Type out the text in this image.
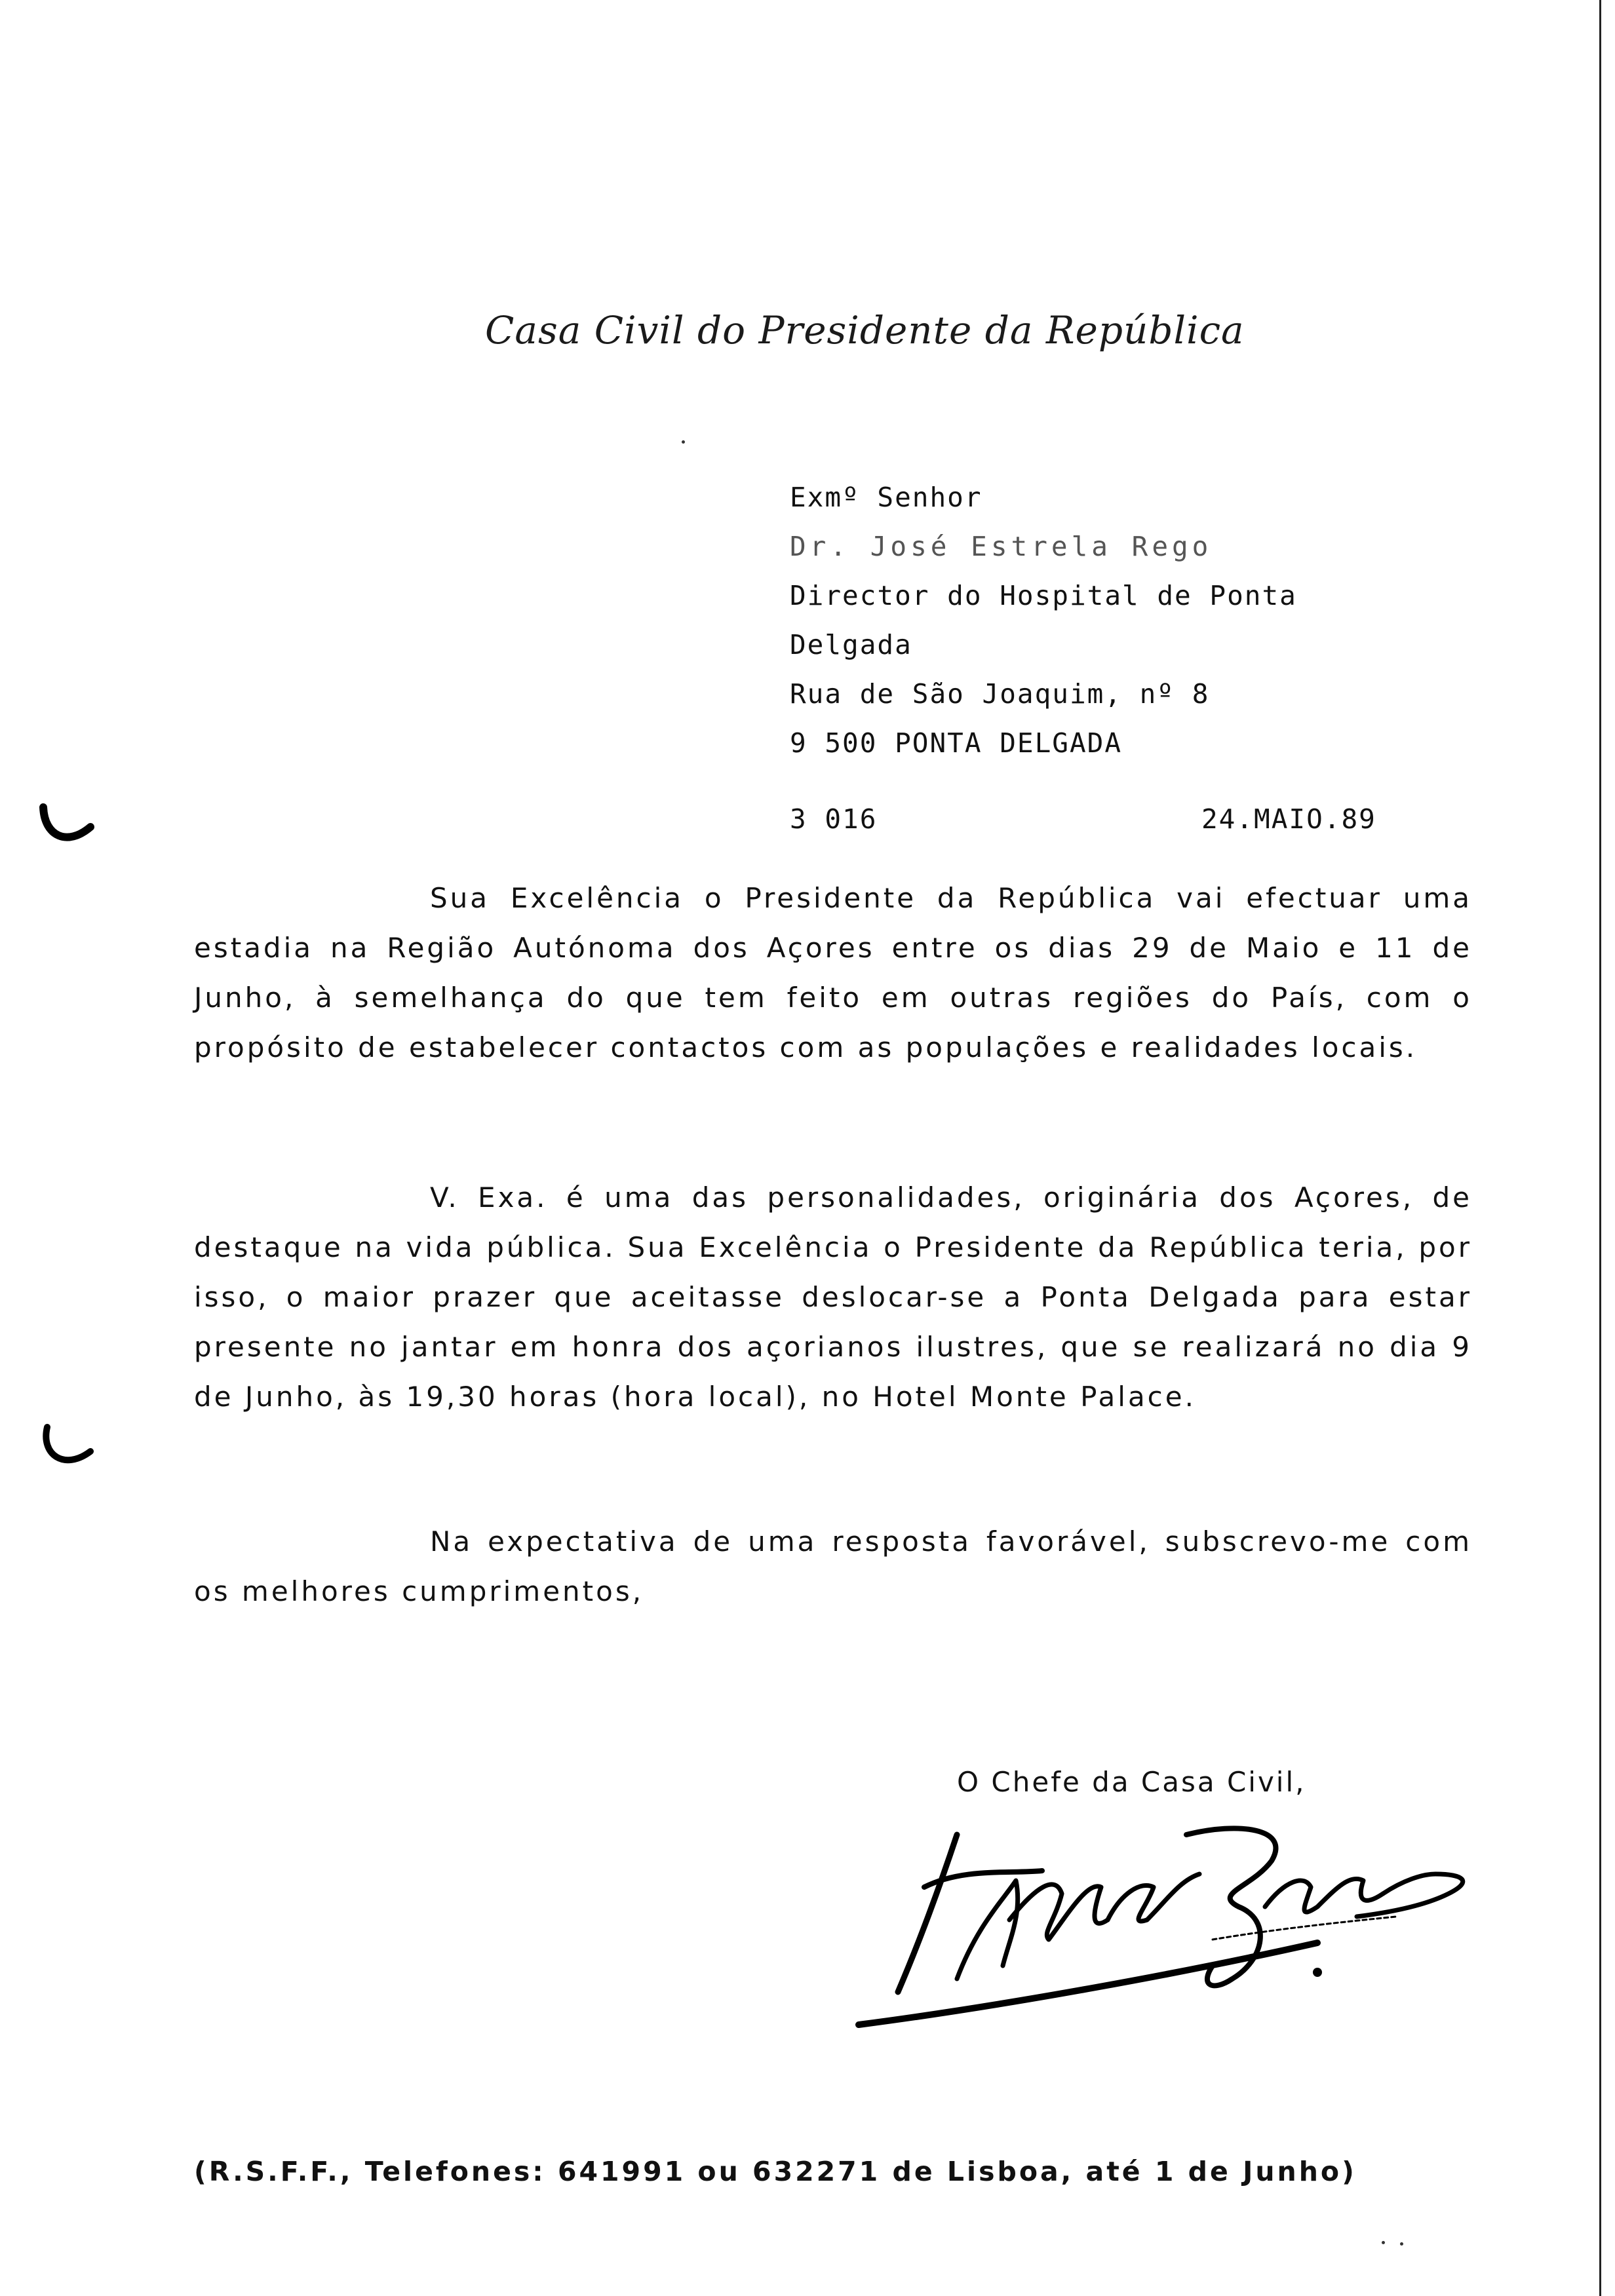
Casa Civil do Presidente da República
Exmº Senhor
Dr. José Estrela Rego
Director do Hospital de Ponta
Delgada
Rua de São Joaquim, nº 8
9 500 PONTA DELGADA
3 016	24.MAIO.89

Sua Excelência o Presidente da República vai efectuar uma estadia na Região Autónoma dos Açores entre os dias 29 de Maio e 11 de Junho, à semelhança do que tem feito em outras regiões do País, com o propósito de estabelecer contactos com as populações e realidades locais.

V. Exa. é uma das personalidades, originária dos Açores, de destaque na vida pública. Sua Excelência o Presidente da República teria, por isso, o maior prazer que aceitasse deslocar-se a Ponta Delgada para estar presente no jantar em honra dos açorianos ilustres, que se realizará no dia 9 de Junho, às 19,30 horas (hora local), no Hotel Monte Palace.

Na expectativa de uma resposta favorável, subscrevo-me com os melhores cumprimentos,

O Chefe da Casa Civil,
(R.S.F.F., Telefones: 641991 ou 632271 de Lisboa, até 1 de Junho)
